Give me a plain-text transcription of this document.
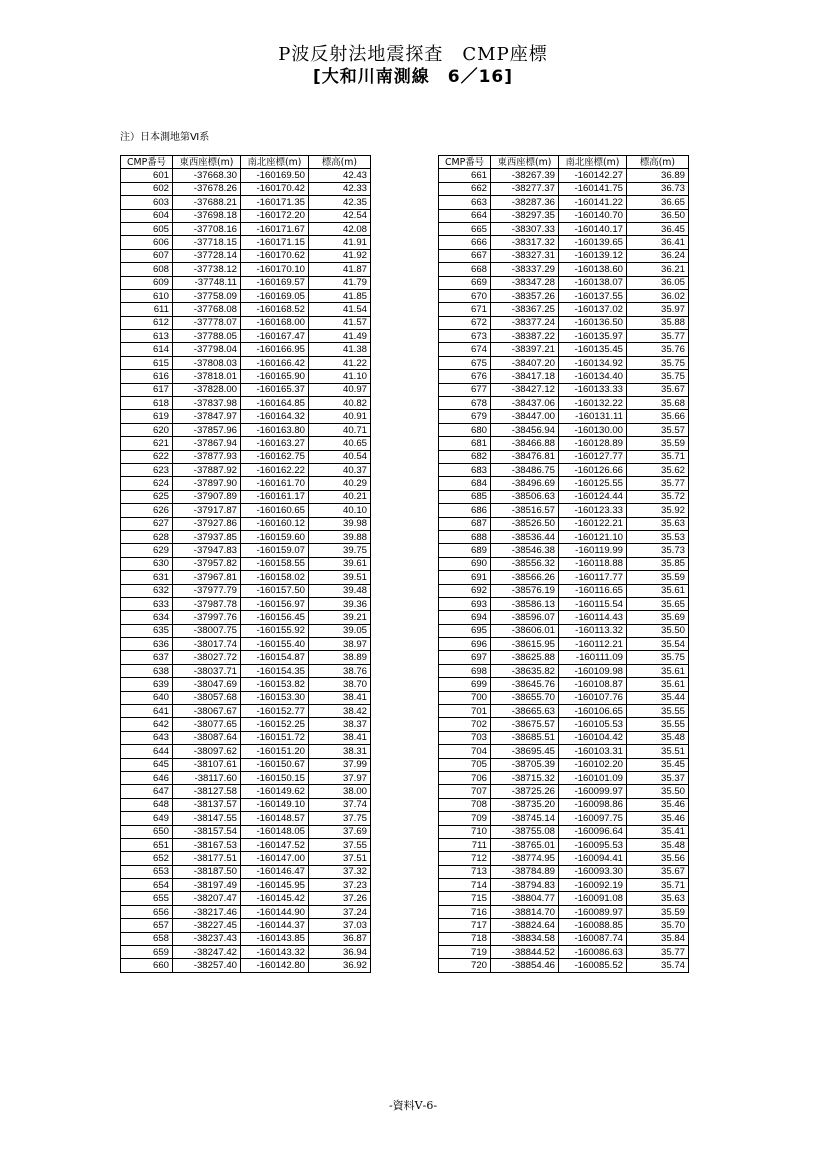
P波反射法地震探査　CMP座標
[大和川南測線　6／16]
注）日本測地第Ⅵ系
CMP番号	東西座標(m)	南北座標(m)	標高(m)
601	-37668.30	-160169.50	42.43
602	-37678.26	-160170.42	42.33
603	-37688.21	-160171.35	42.35
604	-37698.18	-160172.20	42.54
605	-37708.16	-160171.67	42.08
606	-37718.15	-160171.15	41.91
607	-37728.14	-160170.62	41.92
608	-37738.12	-160170.10	41.87
609	-37748.11	-160169.57	41.79
610	-37758.09	-160169.05	41.85
611	-37768.08	-160168.52	41.54
612	-37778.07	-160168.00	41.57
613	-37788.05	-160167.47	41.49
614	-37798.04	-160166.95	41.38
615	-37808.03	-160166.42	41.22
616	-37818.01	-160165.90	41.10
617	-37828.00	-160165.37	40.97
618	-37837.98	-160164.85	40.82
619	-37847.97	-160164.32	40.91
620	-37857.96	-160163.80	40.71
621	-37867.94	-160163.27	40.65
622	-37877.93	-160162.75	40.54
623	-37887.92	-160162.22	40.37
624	-37897.90	-160161.70	40.29
625	-37907.89	-160161.17	40.21
626	-37917.87	-160160.65	40.10
627	-37927.86	-160160.12	39.98
628	-37937.85	-160159.60	39.88
629	-37947.83	-160159.07	39.75
630	-37957.82	-160158.55	39.61
631	-37967.81	-160158.02	39.51
632	-37977.79	-160157.50	39.48
633	-37987.78	-160156.97	39.36
634	-37997.76	-160156.45	39.21
635	-38007.75	-160155.92	39.05
636	-38017.74	-160155.40	38.97
637	-38027.72	-160154.87	38.89
638	-38037.71	-160154.35	38.76
639	-38047.69	-160153.82	38.70
640	-38057.68	-160153.30	38.41
641	-38067.67	-160152.77	38.42
642	-38077.65	-160152.25	38.37
643	-38087.64	-160151.72	38.41
644	-38097.62	-160151.20	38.31
645	-38107.61	-160150.67	37.99
646	-38117.60	-160150.15	37.97
647	-38127.58	-160149.62	38.00
648	-38137.57	-160149.10	37.74
649	-38147.55	-160148.57	37.75
650	-38157.54	-160148.05	37.69
651	-38167.53	-160147.52	37.55
652	-38177.51	-160147.00	37.51
653	-38187.50	-160146.47	37.32
654	-38197.49	-160145.95	37.23
655	-38207.47	-160145.42	37.26
656	-38217.46	-160144.90	37.24
657	-38227.45	-160144.37	37.03
658	-38237.43	-160143.85	36.87
659	-38247.42	-160143.32	36.94
660	-38257.40	-160142.80	36.92
CMP番号	東西座標(m)	南北座標(m)	標高(m)
661	-38267.39	-160142.27	36.89
662	-38277.37	-160141.75	36.73
663	-38287.36	-160141.22	36.65
664	-38297.35	-160140.70	36.50
665	-38307.33	-160140.17	36.45
666	-38317.32	-160139.65	36.41
667	-38327.31	-160139.12	36.24
668	-38337.29	-160138.60	36.21
669	-38347.28	-160138.07	36.05
670	-38357.26	-160137.55	36.02
671	-38367.25	-160137.02	35.97
672	-38377.24	-160136.50	35.88
673	-38387.22	-160135.97	35.77
674	-38397.21	-160135.45	35.76
675	-38407.20	-160134.92	35.75
676	-38417.18	-160134.40	35.75
677	-38427.12	-160133.33	35.67
678	-38437.06	-160132.22	35.68
679	-38447.00	-160131.11	35.66
680	-38456.94	-160130.00	35.57
681	-38466.88	-160128.89	35.59
682	-38476.81	-160127.77	35.71
683	-38486.75	-160126.66	35.62
684	-38496.69	-160125.55	35.77
685	-38506.63	-160124.44	35.72
686	-38516.57	-160123.33	35.92
687	-38526.50	-160122.21	35.63
688	-38536.44	-160121.10	35.53
689	-38546.38	-160119.99	35.73
690	-38556.32	-160118.88	35.85
691	-38566.26	-160117.77	35.59
692	-38576.19	-160116.65	35.61
693	-38586.13	-160115.54	35.65
694	-38596.07	-160114.43	35.69
695	-38606.01	-160113.32	35.50
696	-38615.95	-160112.21	35.54
697	-38625.88	-160111.09	35.75
698	-38635.82	-160109.98	35.61
699	-38645.76	-160108.87	35.61
700	-38655.70	-160107.76	35.44
701	-38665.63	-160106.65	35.55
702	-38675.57	-160105.53	35.55
703	-38685.51	-160104.42	35.48
704	-38695.45	-160103.31	35.51
705	-38705.39	-160102.20	35.45
706	-38715.32	-160101.09	35.37
707	-38725.26	-160099.97	35.50
708	-38735.20	-160098.86	35.46
709	-38745.14	-160097.75	35.46
710	-38755.08	-160096.64	35.41
711	-38765.01	-160095.53	35.48
712	-38774.95	-160094.41	35.56
713	-38784.89	-160093.30	35.67
714	-38794.83	-160092.19	35.71
715	-38804.77	-160091.08	35.63
716	-38814.70	-160089.97	35.59
717	-38824.64	-160088.85	35.70
718	-38834.58	-160087.74	35.84
719	-38844.52	-160086.63	35.77
720	-38854.46	-160085.52	35.74
-資料Ⅴ-6-
